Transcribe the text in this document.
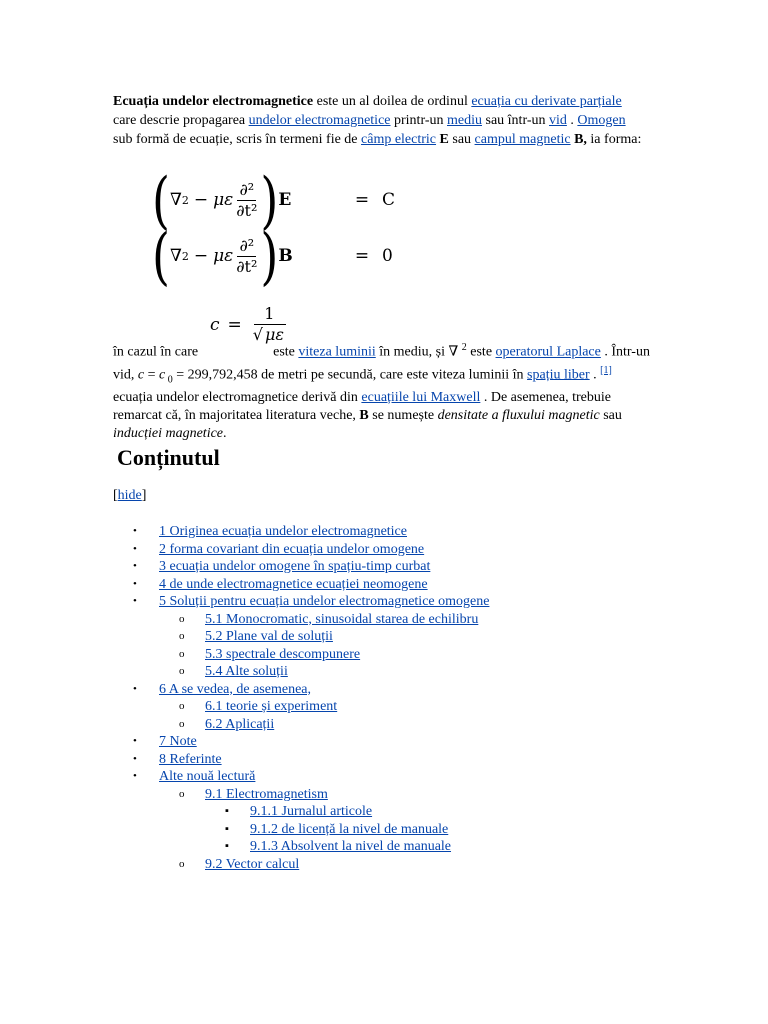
Ecuația undelor electromagnetice este un al doilea de ordinul ecuația cu derivate parțiale care descrie propagarea undelor electromagnetice printr-un mediu sau într-un vid . Omogen sub formă de ecuație, scris în termeni fie de câmp electric E sau campul magnetic B, ia forma:
( ∇ 2 − με $\frac{\text{∂²}}{\text{∂t²}}$ ) E	= C
( ∇ 2 − με $\frac{\text{∂²}}{\text{∂t²}}$ ) B	= 0
$c = \frac{1}{√ \mu\varepsilon}$
în cazul în care	este viteza luminii în mediu, și ∇ $^2$ este operatorul Laplace . Într-un vid, c = c $_0$ = 299,792,458 de metri pe secundă, care este viteza luminii în spațiu liber . [1] ecuația undelor electromagnetice derivă din ecuațiile lui Maxwell . De asemenea, trebuie remarcat că, în majoritatea literatura veche, B se numește densitate a fluxului magnetic sau inducției magnetice.
Conținutul
[hide]
• 1 Originea ecuația undelor electromagnetice
• 2 forma covariant din ecuația undelor omogene
• 3 ecuația undelor omogene în spațiu-timp curbat
• 4 de unde electromagnetice ecuației neomogene
• 5 Soluții pentru ecuația undelor electromagnetice omogene
o 5.1 Monocromatic, sinusoidal starea de echilibru
o 5.2 Plane val de soluții
o 5.3 spectrale descompunere
o 5.4 Alte soluții
• 6 A se vedea, de asemenea,
o 6.1 teorie și experiment
o 6.2 Aplicații
• 7 Note
• 8 Referinte
• Alte nouă lectură
o 9.1 Electromagnetism
▪ 9.1.1 Jurnalul articole
▪ 9.1.2 de licență la nivel de manuale
▪ 9.1.3 Absolvent la nivel de manuale
o 9.2 Vector calcul
